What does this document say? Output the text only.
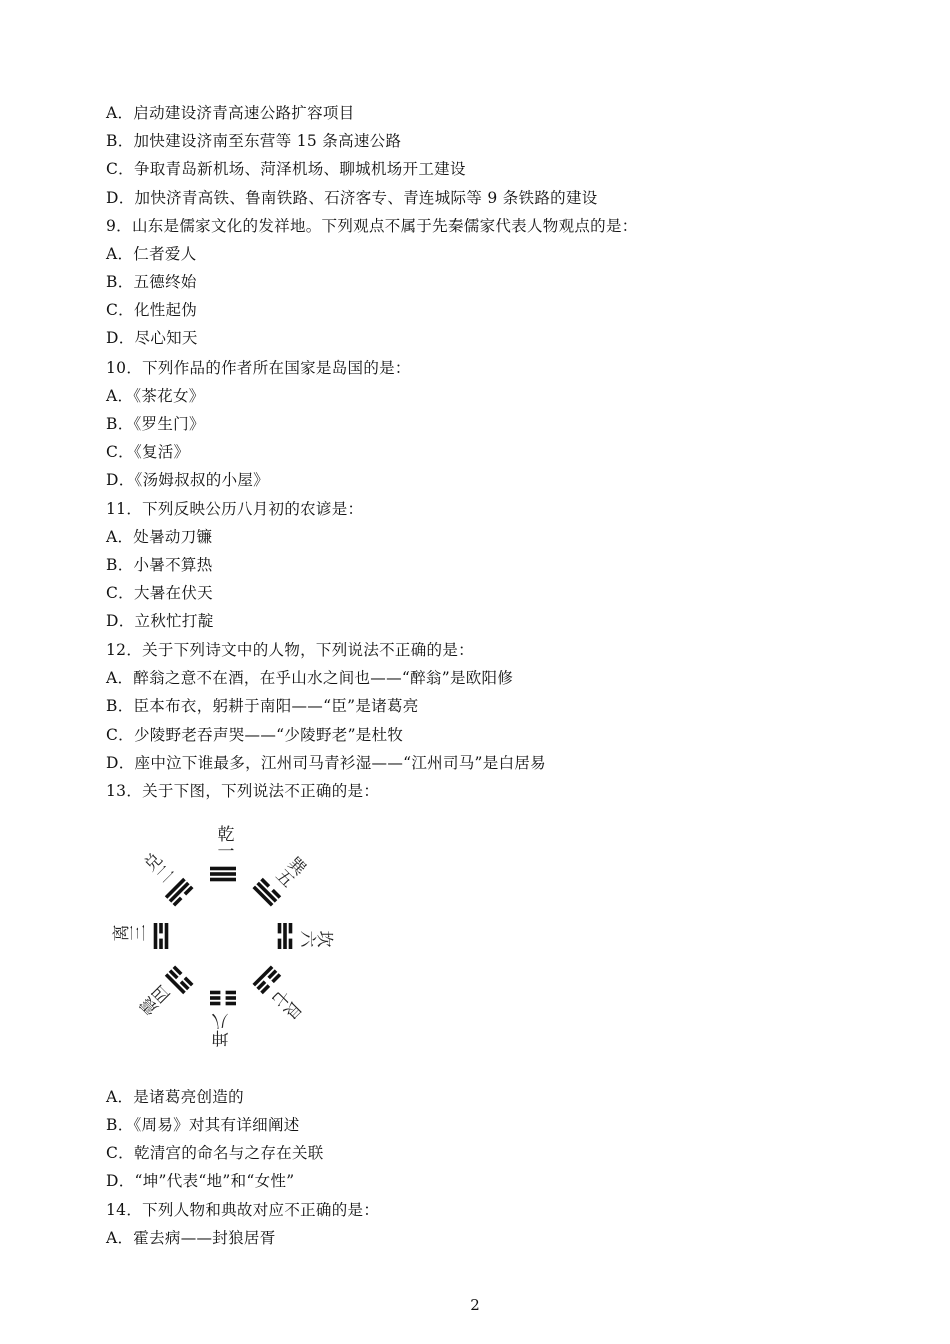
A．启动建设济青高速公路扩容项目
B．加快建设济南至东营等 15 条高速公路
C．争取青岛新机场、菏泽机场、聊城机场开工建设
D．加快济青高铁、鲁南铁路、石济客专、青连城际等 9 条铁路的建设
9．山东是儒家文化的发祥地。下列观点不属于先秦儒家代表人物观点的是：
A．仁者爱人
B．五德终始
C．化性起伪
D．尽心知天
10．下列作品的作者所在国家是岛国的是：
A．《茶花女》
B．《罗生门》
C．《复活》
D．《汤姆叔叔的小屋》
11．下列反映公历八月初的农谚是：
A．处暑动刀镰
B．小暑不算热
C．大暑在伏天
D．立秋忙打靛
12．关于下列诗文中的人物，下列说法不正确的是：
A．醉翁之意不在酒，在乎山水之间也——“醉翁”是欧阳修
B．臣本布衣，躬耕于南阳——“臣”是诸葛亮
C．少陵野老吞声哭——“少陵野老”是杜牧
D．座中泣下谁最多，江州司马青衫湿——“江州司马”是白居易
13．关于下图，下列说法不正确的是：
乾一
巽五
坎六
艮七
坤八
震四
离三
兑二
A．是诸葛亮创造的
B．《周易》对其有详细阐述
C．乾清宫的命名与之存在关联
D．“坤”代表“地”和“女性”
14．下列人物和典故对应不正确的是：
A．霍去病——封狼居胥
2
